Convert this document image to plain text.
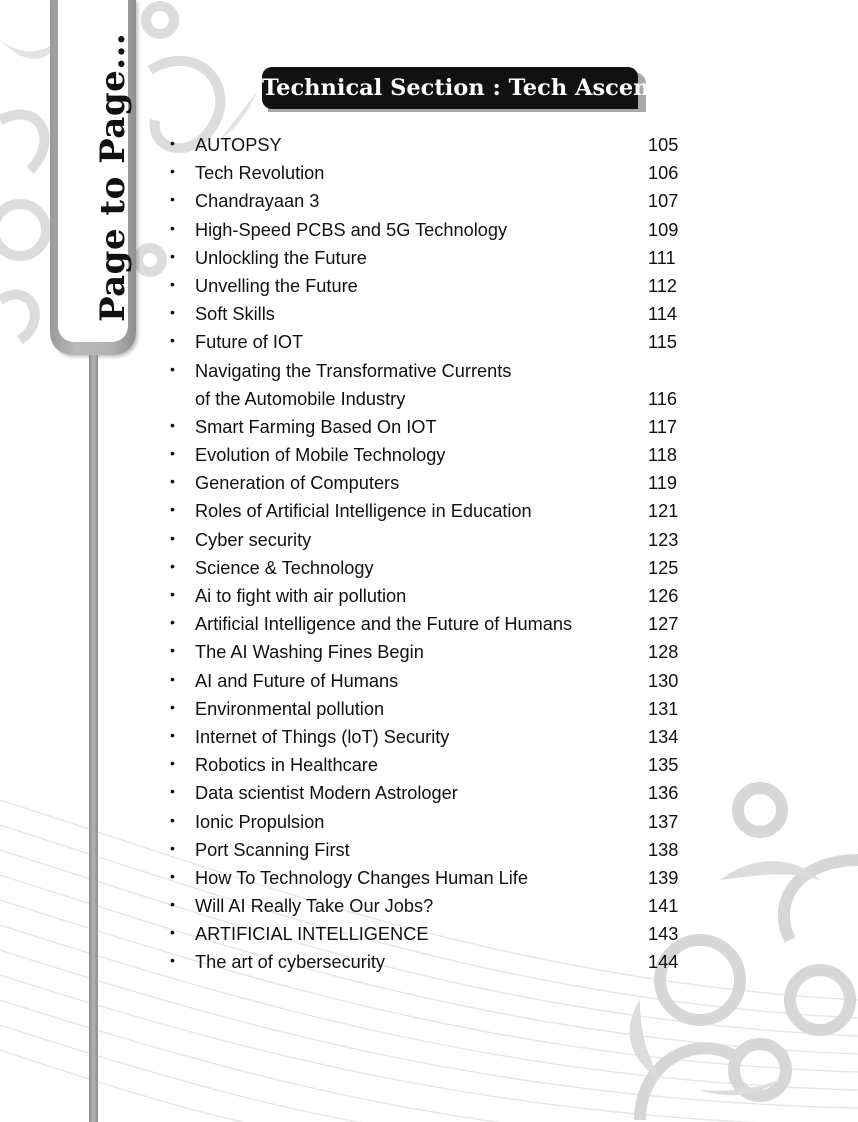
Page to Page...	Technical Section : Tech Ascent
• AUTOPSY	105
• Tech Revolution	106
• Chandrayaan 3	107
• High-Speed PCBS and 5G Technology	109
• Unlockling the Future	111
• Unvelling the Future	112
• Soft Skills	114
• Future of IOT	115
• Navigating the Transformative Currents
of the Automobile Industry	116
• Smart Farming Based On IOT	117
• Evolution of Mobile Technology	118
• Generation of Computers	119
• Roles of Artificial Intelligence in Education	121
• Cyber security	123
• Science & Technology	125
• Ai to fight with air pollution	126
• Artificial Intelligence and the Future of Humans	127
• The AI Washing Fines Begin	128
• AI and Future of Humans	130
• Environmental pollution	131
• Internet of Things (loT) Security	134
• Robotics in Healthcare	135
• Data scientist Modern Astrologer	136
• Ionic Propulsion	137
• Port Scanning First	138
• How To Technology Changes Human Life	139
• Will AI Really Take Our Jobs?	141
• ARTIFICIAL INTELLIGENCE	143
• The art of cybersecurity	144
